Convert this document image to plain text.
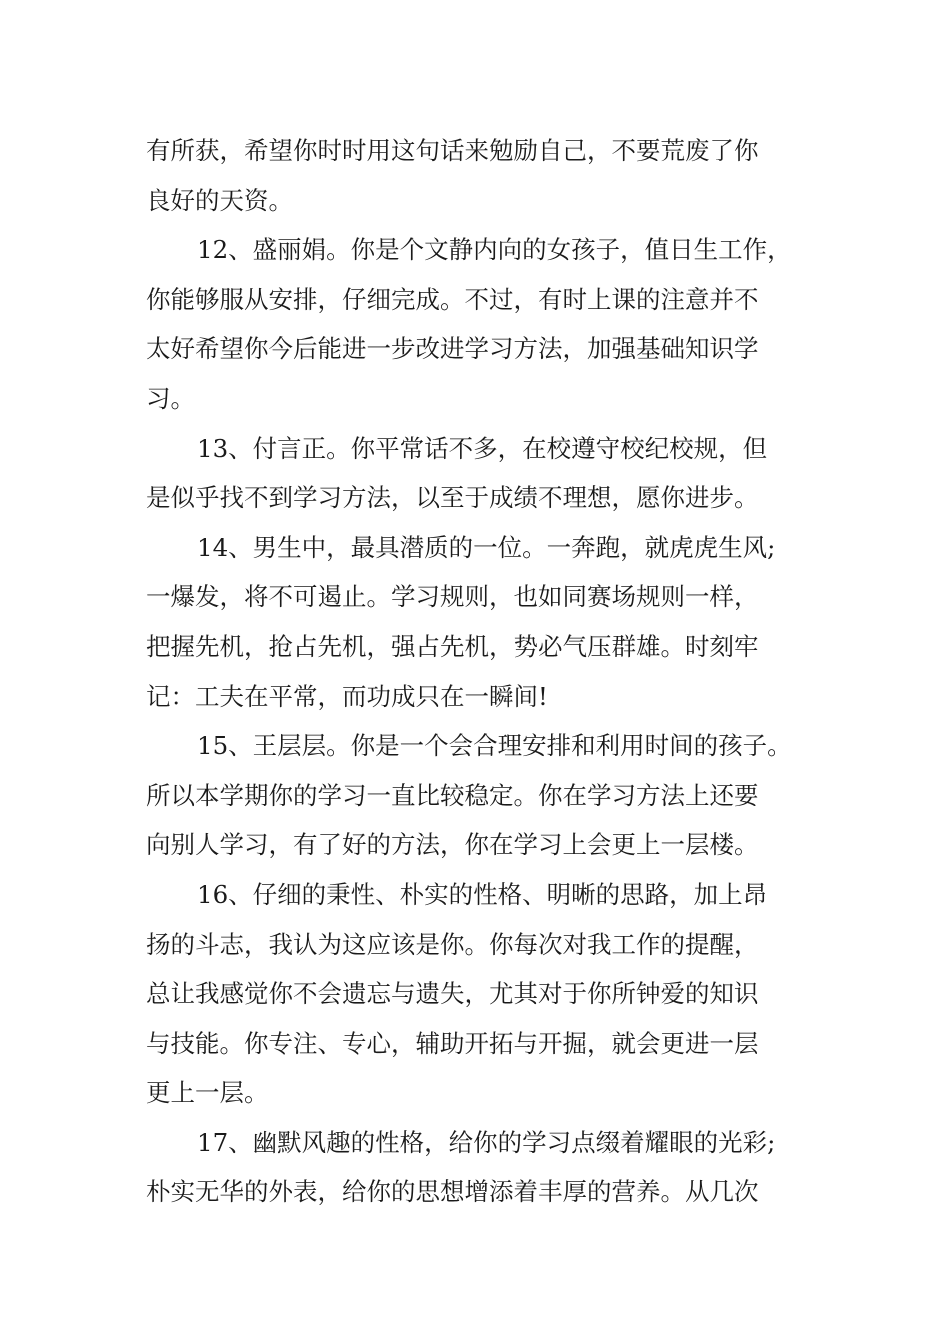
有所获，希望你时时用这句话来勉励自己，不要荒废了你
良好的天资。
12、盛丽娟。你是个文静内向的女孩子，值日生工作，
你能够服从安排，仔细完成。不过，有时上课的注意并不
太好希望你今后能进一步改进学习方法，加强基础知识学
习。
13、付言正。你平常话不多，在校遵守校纪校规，但
是似乎找不到学习方法，以至于成绩不理想，愿你进步。
14、男生中，最具潜质的一位。一奔跑，就虎虎生风;
一爆发，将不可遏止。学习规则，也如同赛场规则一样，
把握先机，抢占先机，强占先机，势必气压群雄。时刻牢
记：工夫在平常，而功成只在一瞬间!
15、王层层。你是一个会合理安排和利用时间的孩子。
所以本学期你的学习一直比较稳定。你在学习方法上还要
向别人学习，有了好的方法，你在学习上会更上一层楼。
16、仔细的秉性、朴实的性格、明晰的思路，加上昂
扬的斗志，我认为这应该是你。你每次对我工作的提醒，
总让我感觉你不会遗忘与遗失，尤其对于你所钟爱的知识
与技能。你专注、专心，辅助开拓与开掘，就会更进一层
更上一层。
17、幽默风趣的性格，给你的学习点缀着耀眼的光彩;
朴实无华的外表，给你的思想增添着丰厚的营养。从几次
